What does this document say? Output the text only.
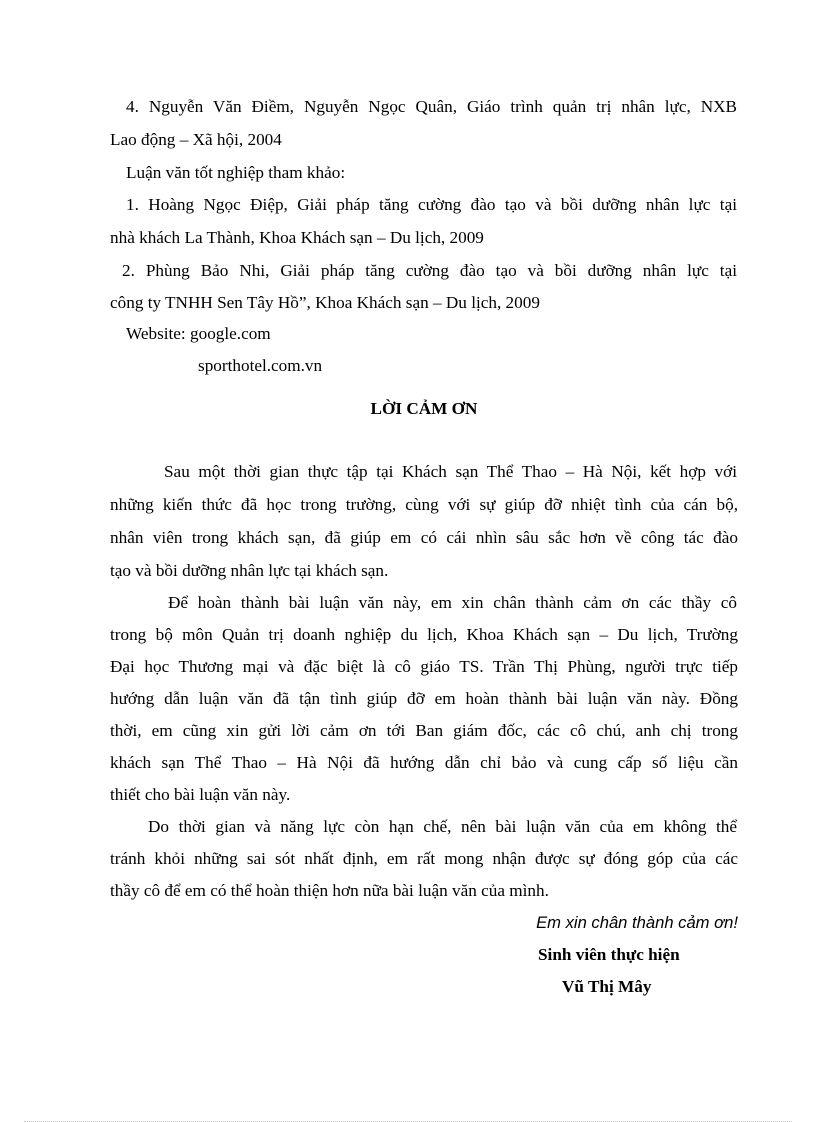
4. Nguyễn Văn Điềm, Nguyễn Ngọc Quân, Giáo trình quản trị nhân lực, NXB
Lao động – Xã hội, 2004
Luận văn tốt nghiệp tham khảo:
1. Hoàng Ngọc Điệp, Giải pháp tăng cường đào tạo và bồi dưỡng nhân lực tại
nhà khách La Thành, Khoa Khách sạn – Du lịch, 2009
2. Phùng Bảo Nhi, Giải pháp tăng cường đào tạo và bồi dưỡng nhân lực tại
công ty TNHH Sen Tây Hồ”, Khoa Khách sạn – Du lịch, 2009
Website: google.com
sporthotel.com.vn
LỜI CẢM ƠN
Sau một thời gian thực tập tại Khách sạn Thể Thao – Hà Nội, kết hợp với
những kiến thức đã học trong trường, cùng với sự giúp đỡ nhiệt tình của cán bộ,
nhân viên trong khách sạn, đã giúp em có cái nhìn sâu sắc hơn về công tác đào
tạo và bồi dưỡng nhân lực tại khách sạn.
Để hoàn thành bài luận văn này, em xin chân thành cảm ơn các thầy cô
trong bộ môn Quản trị doanh nghiệp du lịch, Khoa Khách sạn – Du lịch, Trường
Đại học Thương mại và đặc biệt là cô giáo TS. Trần Thị Phùng, người trực tiếp
hướng dẫn luận văn đã tận tình giúp đỡ em hoàn thành bài luận văn này. Đồng
thời, em cũng xin gửi lời cảm ơn tới Ban giám đốc, các cô chú, anh chị trong
khách sạn Thể Thao – Hà Nội đã hướng dẫn chỉ bảo và cung cấp số liệu cần
thiết cho bài luận văn này.
Do thời gian và năng lực còn hạn chế, nên bài luận văn của em không thể
tránh khỏi những sai sót nhất định, em rất mong nhận được sự đóng góp của các
thầy cô để em có thể hoàn thiện hơn nữa bài luận văn của mình.
Em xin chân thành cảm ơn!
Sinh viên thực hiện
Vũ Thị Mây
